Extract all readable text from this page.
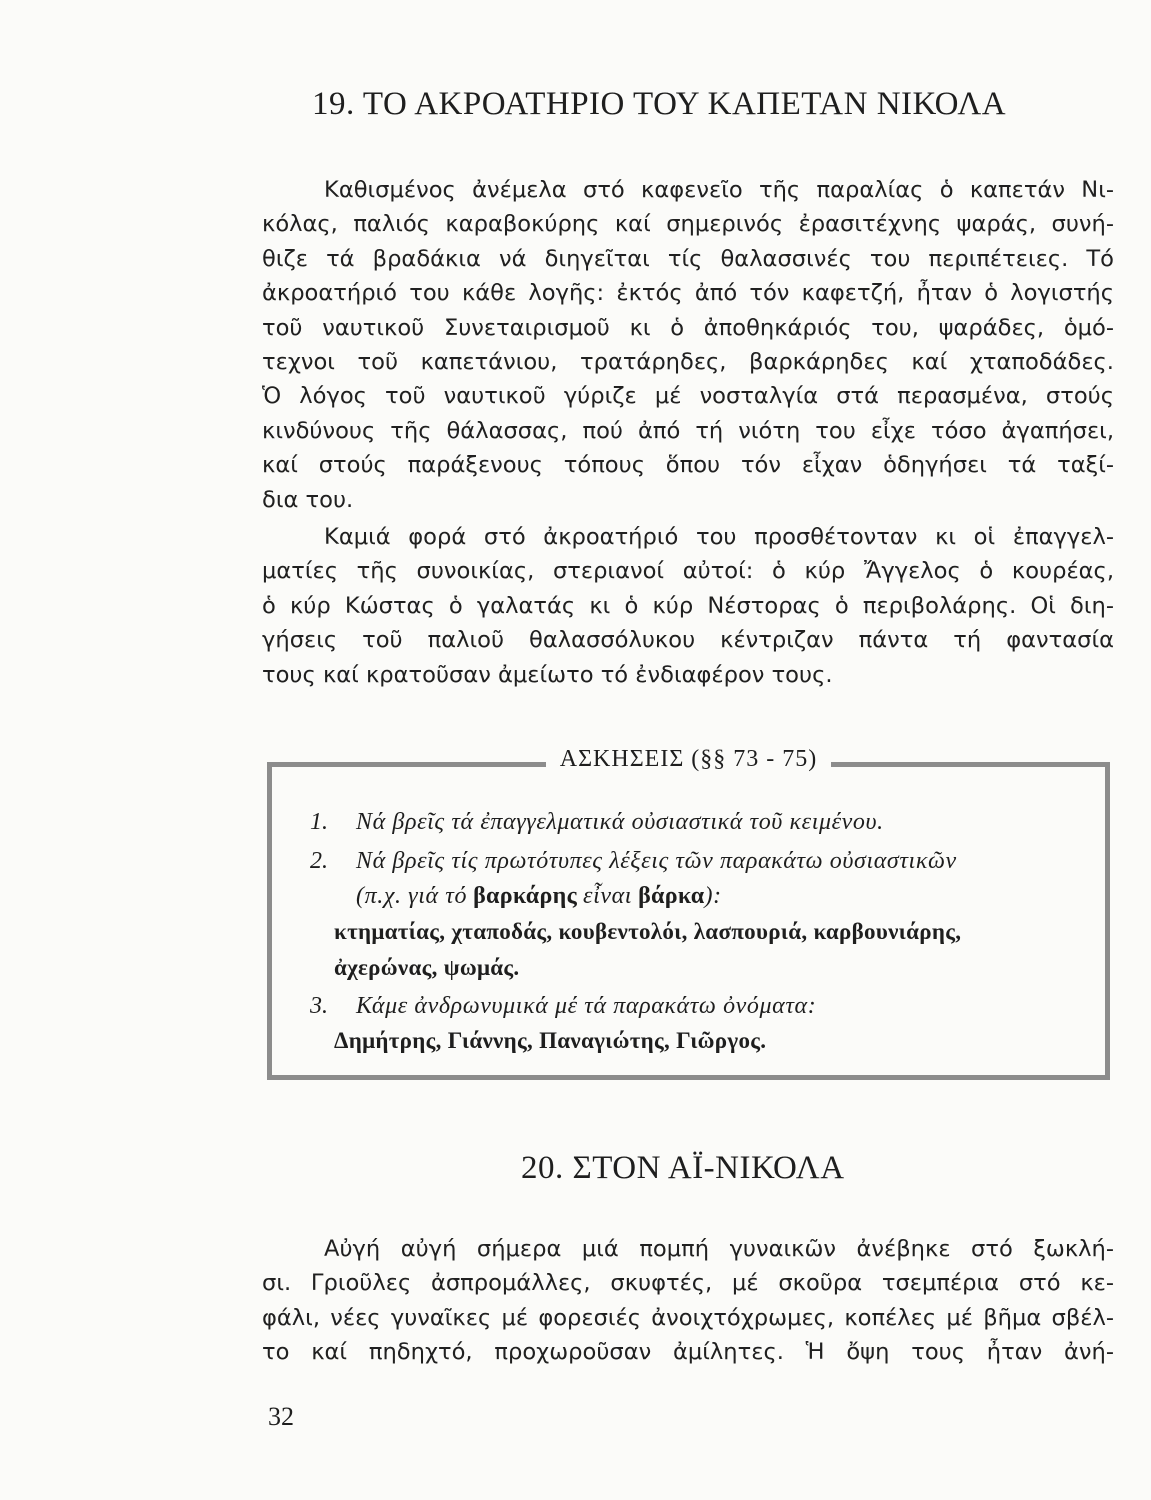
19. ΤΟ ΑΚΡΟΑΤΗΡΙΟ ΤΟΥ ΚΑΠΕΤΑΝ ΝΙΚΟΛΑ
Καθισμένος ἀνέμελα στό καφενεῖο τῆς παραλίας ὁ καπετάν Νι-
κόλας, παλιός καραβοκύρης καί σημερινός ἐρασιτέχνης ψαράς, συνή-
θιζε τά βραδάκια νά διηγεῖται τίς θαλασσινές του περιπέτειες. Τό
ἀκροατήριό του κάθε λογῆς: ἐκτός ἀπό τόν καφετζή, ἦταν ὁ λογιστής
τοῦ ναυτικοῦ Συνεταιρισμοῦ κι ὁ ἀποθηκάριός του, ψαράδες, ὁμό-
τεχνοι τοῦ καπετάνιου, τρατάρηδες, βαρκάρηδες καί χταποδάδες.
Ὁ λόγος τοῦ ναυτικοῦ γύριζε μέ νοσταλγία στά περασμένα, στούς
κινδύνους τῆς θάλασσας, πού ἀπό τή νιότη του εἶχε τόσο ἀγαπήσει,
καί στούς παράξενους τόπους ὅπου τόν εἶχαν ὁδηγήσει τά ταξί-
δια του.
Καμιά φορά στό ἀκροατήριό του προσθέτονταν κι οἱ ἐπαγγελ-
ματίες τῆς συνοικίας, στεριανοί αὐτοί: ὁ κύρ Ἄγγελος ὁ κουρέας,
ὁ κύρ Κώστας ὁ γαλατάς κι ὁ κύρ Νέστορας ὁ περιβολάρης. Οἱ διη-
γήσεις τοῦ παλιοῦ θαλασσόλυκου κέντριζαν πάντα τή φαντασία
τους καί κρατοῦσαν ἀμείωτο τό ἐνδιαφέρον τους.
ΑΣΚΗΣΕΙΣ (§§ 73 - 75)
1. Νά βρεῖς τά ἐπαγγελματικά οὐσιαστικά τοῦ κειμένου.
2. Νά βρεῖς τίς πρωτότυπες λέξεις τῶν παρακάτω οὐσιαστικῶν
(π.χ. γιά τό βαρκάρης εἶναι βάρκα):
κτηματίας, χταποδάς, κουβεντολόι, λασπουριά, καρβουνιάρης,
ἀχερώνας, ψωμάς.
3. Κάμε ἀνδρωνυμικά μέ τά παρακάτω ὀνόματα:
Δημήτρης, Γιάννης, Παναγιώτης, Γιῶργος.
20. ΣΤΟΝ ΑΪ-ΝΙΚΟΛΑ
Αὐγή αὐγή σήμερα μιά πομπή γυναικῶν ἀνέβηκε στό ξωκλή-
σι. Γριοῦλες ἀσπρομάλλες, σκυφτές, μέ σκοῦρα τσεμπέρια στό κε-
φάλι, νέες γυναῖκες μέ φορεσιές ἀνοιχτόχρωμες, κοπέλες μέ βῆμα σβέλ-
το καί πηδηχτό, προχωροῦσαν ἀμίλητες. Ἡ ὄψη τους ἦταν ἀνή-
32
